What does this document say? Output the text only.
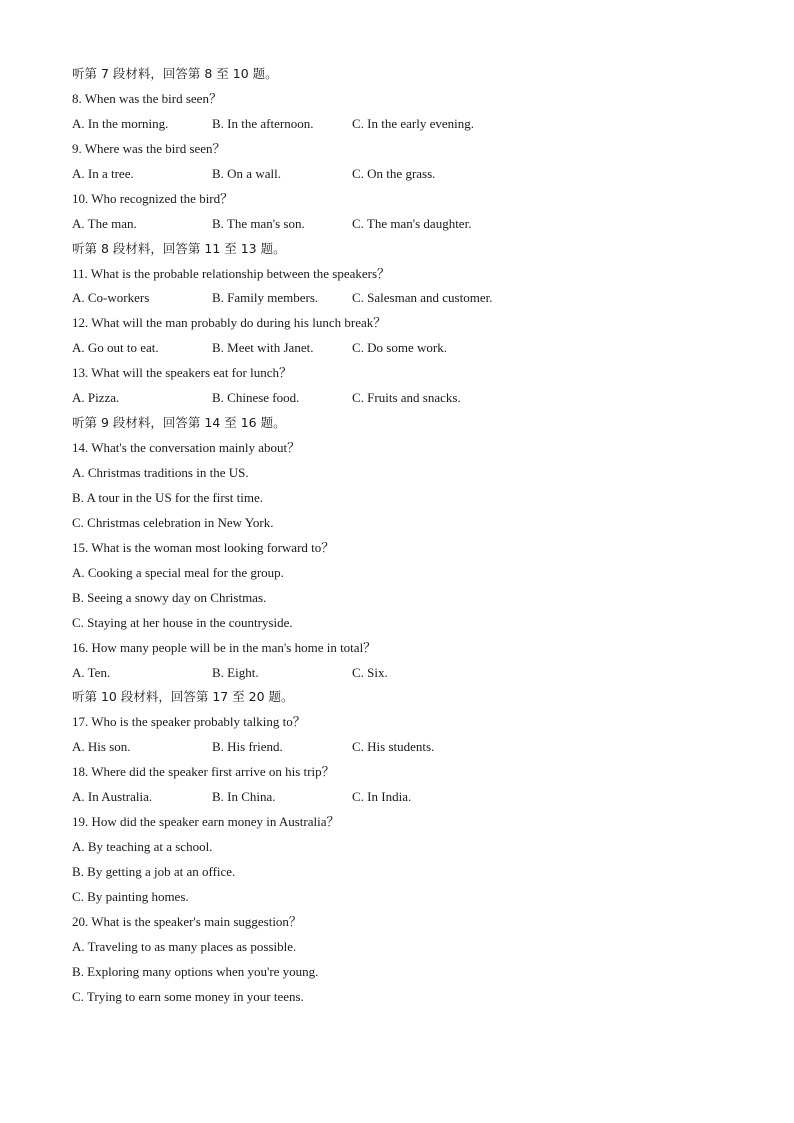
听第 7 段材料，回答第 8 至 10 题。
8. When was the bird seen？
A. In the morning.	B. In the afternoon.	C. In the early evening.
9. Where was the bird seen？
A. In a tree.	B. On a wall.	C. On the grass.
10. Who recognized the bird？
A. The man.	B. The man's son.	C. The man's daughter.
听第 8 段材料，回答第 11 至 13 题。
11. What is the probable relationship between the speakers？
A. Co-workers	B. Family members.	C. Salesman and customer.
12. What will the man probably do during his lunch break？
A. Go out to eat.	B. Meet with Janet.	C. Do some work.
13. What will the speakers eat for lunch？
A. Pizza.	B. Chinese food.	C. Fruits and snacks.
听第 9 段材料，回答第 14 至 16 题。
14. What's the conversation mainly about？
A. Christmas traditions in the US.
B. A tour in the US for the first time.
C. Christmas celebration in New York.
15. What is the woman most looking forward to？
A. Cooking a special meal for the group.
B. Seeing a snowy day on Christmas.
C. Staying at her house in the countryside.
16. How many people will be in the man's home in total？
A. Ten.	B. Eight.	C. Six.
听第 10 段材料，回答第 17 至 20 题。
17. Who is the speaker probably talking to？
A. His son.	B. His friend.	C. His students.
18. Where did the speaker first arrive on his trip？
A. In Australia.	B. In China.	C. In India.
19. How did the speaker earn money in Australia？
A. By teaching at a school.
B. By getting a job at an office.
C. By painting homes.
20. What is the speaker's main suggestion？
A. Traveling to as many places as possible.
B. Exploring many options when you're young.
C. Trying to earn some money in your teens.
